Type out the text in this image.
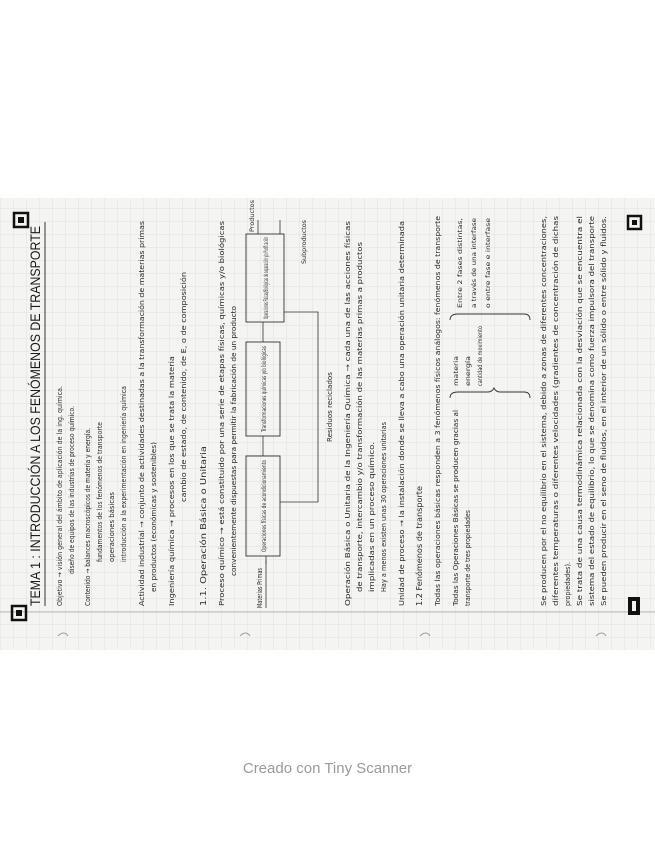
TEMA 1 : INTRODUCCIÓN A LOS FENÓMENOS DE TRANSPORTE Objetivo → visión general del ámbito de aplicación de la ing. química. diseño de equipos de las industrias de proceso químico. Contenido → balances macroscópicos de materia y energía. fundamentos de los fenómenos de transporte operaciones básicas introducción a la experimentación en ingeniería química Actividad industrial → conjunto de actividades destinadas a la transformación de materias primas en productos (económicas y sostenibles) Ingeniería química → procesos en los que se trata la materia cambio de estado, de contenido, de E, o de composición
1.1. Operación Básica o Unitaria Proceso químico → está constituido por una serie de etapas físicas, químicas y/o biológicas convenientemente dispuestas para permitir la fabricación de un producto
Materias Primas
Operaciones físicas de acondicionamiento
Transformaciones químicas y/o biológicas
Productos
Subproductos
Residuos reciclados Operación Básica o Unitaria de la Ingeniería Química → cada una de las acciones físicas de transporte, intercambio y/o transformación de las materias primas a productos implicadas en un proceso químico. Hay a menos existen unas 30 operaciones unitarias Unidad de proceso → la instalación donde se lleva a cabo una operación unitaria determinada 1.2 Fenómenos de transporte Todas las operaciones básicas responden a 3 fenómenos físicos análogos: fenómenos de transporte Todas las Operaciones Básicas se producen gracias al transporte de tres propiedades
materia energía cantidad de movimiento
Entre 2 fases distintas, a través de una interfase o entre fase e interfase
Se producen por el no equilibrio en el sistema, debido a zonas de diferentes concentraciones, diferentes temperaturas o diferentes velocidades (gradientes de concentración de dichas propiedades). Se trata de una causa termodinámica relacionada con la desviación que se encuentra el sistema del estado de equilibrio, lo que se denomina como fuerza impulsora del transporte Se pueden producir en el seno de fluidos, en el interior de un sólido o entre sólido y fluidos.
Creado con Tiny Scanner
